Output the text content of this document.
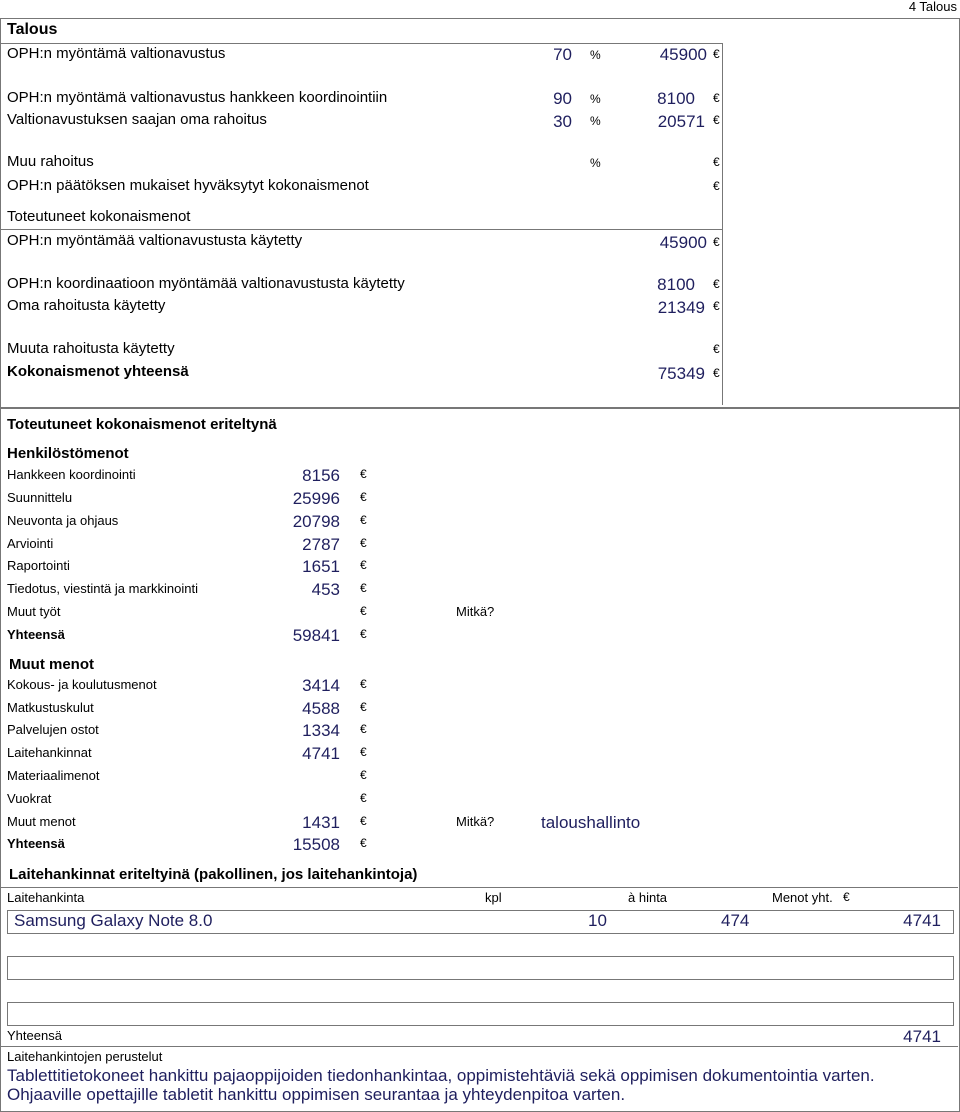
4 Talous
Talous
OPH:n myöntämä valtionavustus	70 %	45900 €
OPH:n myöntämä valtionavustus hankkeen koordinointiin	90 %	8100 €
Valtionavustuksen saajan oma rahoitus	30 %	20571 €
Muu rahoitus	%	€
OPH:n päätöksen mukaiset hyväksytyt kokonaismenot	€
Toteutuneet kokonaismenot
OPH:n myöntämää valtionavustusta käytetty	45900 €
OPH:n koordinaatioon myöntämää valtionavustusta käytetty	8100 €
Oma rahoitusta käytetty	21349 €
Muuta rahoitusta käytetty	€
Kokonaismenot yhteensä	75349 €
Toteutuneet kokonaismenot eriteltynä
Henkilöstömenot
Hankkeen koordinointi	8156 €
Suunnittelu	25996 €
Neuvonta ja ohjaus	20798 €
Arviointi	2787 €
Raportointi	1651 €
Tiedotus, viestintä ja markkinointi	453 €
Muut työt	€	Mitkä?
Yhteensä	59841 €
Muut menot
Kokous- ja koulutusmenot	3414 €
Matkustuskulut	4588 €
Palvelujen ostot	1334 €
Laitehankinnat	4741 €
Materiaalimenot	€
Vuokrat	€
Muut menot	1431 €	Mitkä?	taloushallinto
Yhteensä	15508 €
Laitehankinnat eriteltyinä (pakollinen, jos laitehankintoja)
Laitehankinta	kpl	à hinta	Menot yht. €
Samsung Galaxy Note 8.0	10	474	4741
Yhteensä	4741
Laitehankintojen perustelut
Tablettitietokoneet hankittu pajaoppijoiden tiedonhankintaa, oppimistehtäviä sekä oppimisen dokumentointia varten.
Ohjaaville opettajille tabletit hankittu oppimisen seurantaa ja yhteydenpitoa varten.
